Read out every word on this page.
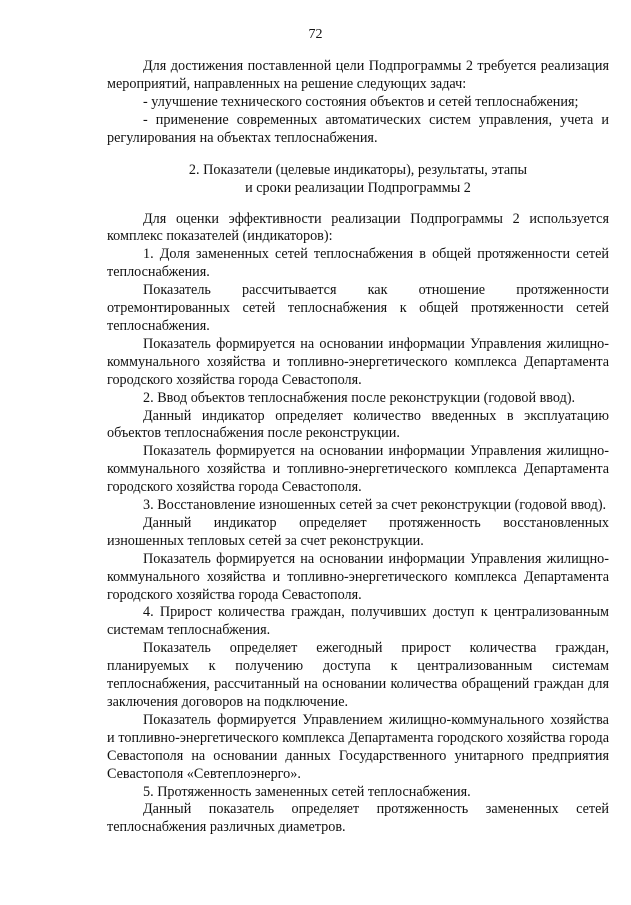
72

Для достижения поставленной цели Подпрограммы 2 требуется реализация мероприятий, направленных на решение следующих задач:

- улучшение технического состояния объектов и сетей теплоснабжения;

- применение современных автоматических систем управления, учета и регулирования на объектах теплоснабжения.

2. Показатели (целевые индикаторы), результаты, этапы
и сроки реализации Подпрограммы 2

Для оценки эффективности реализации Подпрограммы 2 используется комплекс показателей (индикаторов):

1. Доля замененных сетей теплоснабжения в общей протяженности сетей теплоснабжения.

Показатель рассчитывается как отношение протяженности отремонтированных сетей теплоснабжения к общей протяженности сетей теплоснабжения.

Показатель формируется на основании информации Управления жилищно-коммунального хозяйства и топливно-энергетического комплекса Департамента городского хозяйства города Севастополя.

2. Ввод объектов теплоснабжения после реконструкции (годовой ввод).

Данный индикатор определяет количество введенных в эксплуатацию объектов теплоснабжения после реконструкции.

Показатель формируется на основании информации Управления жилищно-коммунального хозяйства и топливно-энергетического комплекса Департамента городского хозяйства города Севастополя.

3. Восстановление изношенных сетей за счет реконструкции (годовой ввод).

Данный индикатор определяет протяженность восстановленных изношенных тепловых сетей за счет реконструкции.

Показатель формируется на основании информации Управления жилищно-коммунального хозяйства и топливно-энергетического комплекса Департамента городского хозяйства города Севастополя.

4. Прирост количества граждан, получивших доступ к централизованным системам теплоснабжения.

Показатель определяет ежегодный прирост количества граждан, планируемых к получению доступа к централизованным системам теплоснабжения, рассчитанный на основании количества обращений граждан для заключения договоров на подключение.

Показатель формируется Управлением жилищно-коммунального хозяйства и топливно-энергетического комплекса Департамента городского хозяйства города Севастополя на основании данных Государственного унитарного предприятия Севастополя «Севтеплоэнерго».

5. Протяженность замененных сетей теплоснабжения.

Данный показатель определяет протяженность замененных сетей теплоснабжения различных диаметров.
